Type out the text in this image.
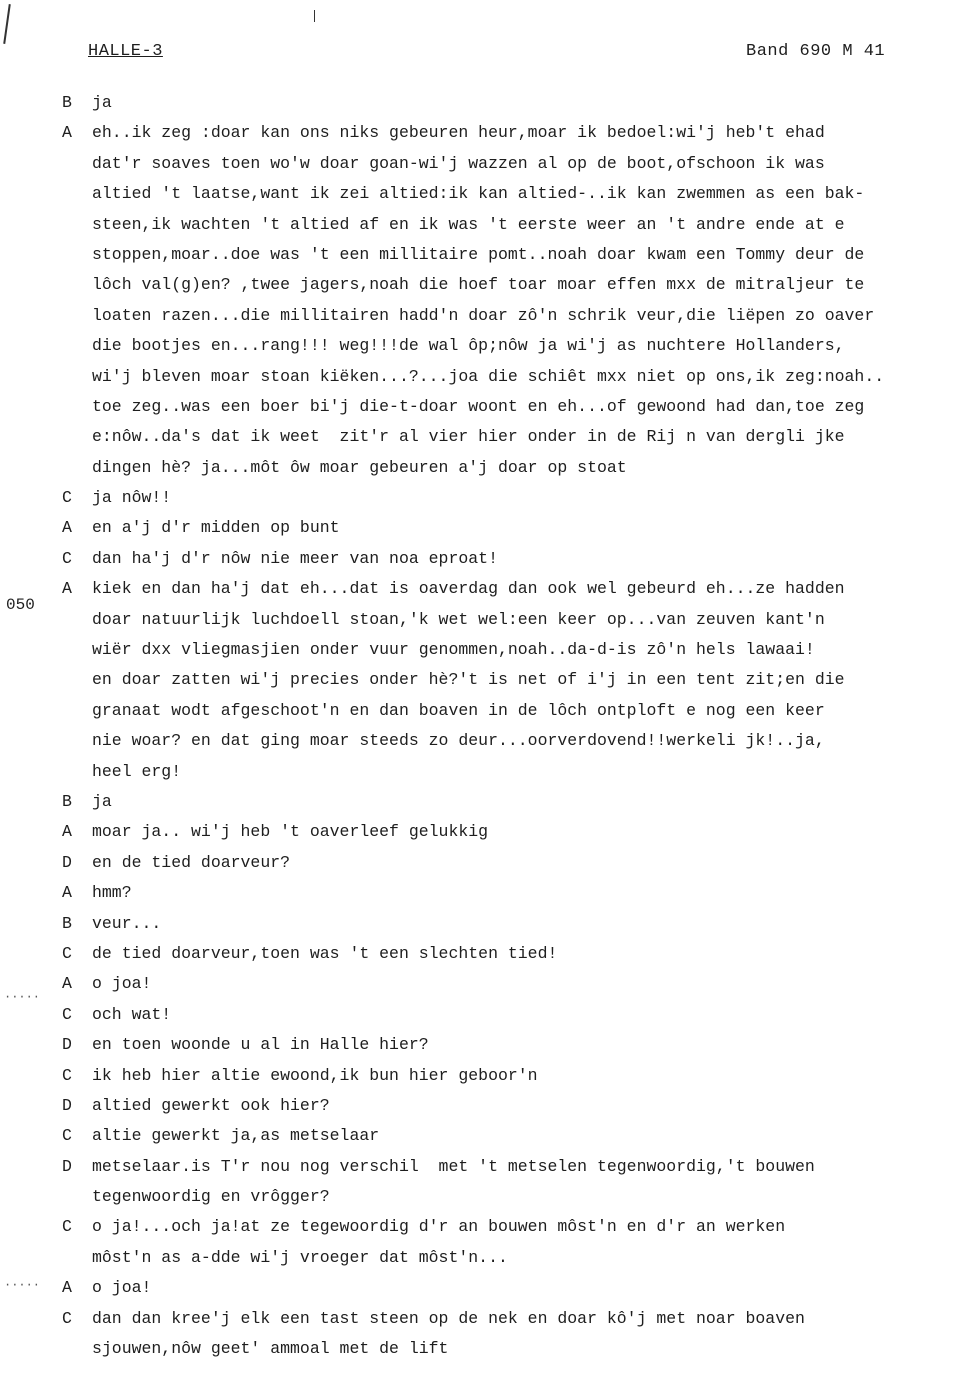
HALLE-3	Band 690 M 41
050
B	ja
A	eh..ik zeg :doar kan ons niks gebeuren heur,moar ik bedoel:wi'j heb't ehad
dat'r soaves toen wo'w doar goan-wi'j wazzen al op de boot,ofschoon ik was
altied 't laatse,want ik zei altied:ik kan altied-..ik kan zwemmen as een bak-
steen,ik wachten 't altied af en ik was 't eerste weer an 't andre ende at e
stoppen,moar..doe was 't een millitaire pomt..noah doar kwam een Tommy deur de
lôch val(g)en? ,twee jagers,noah die hoef toar moar effen mxx de mitraljeur te
loaten razen...die millitairen hadd'n doar zô'n schrik veur,die liëpen zo oaver
die bootjes en...rang!!! weg!!!de wal ôp;nôw ja wi'j as nuchtere Hollanders,
wi'j bleven moar stoan kiëken...?...joa die schiêt mxx niet op ons,ik zeg:noah..
toe zeg..was een boer bi'j die-t-doar woont en eh...of gewoond had dan,toe zeg
e:nôw..da's dat ik weet  zit'r al vier hier onder in de Rij n van dergli jke
dingen hè? ja...môt ôw moar gebeuren a'j doar op stoat
C	ja nôw!!
A	en a'j d'r midden op bunt
C	dan ha'j d'r nôw nie meer van noa eproat!
A	kiek en dan ha'j dat eh...dat is oaverdag dan ook wel gebeurd eh...ze hadden
doar natuurlijk luchdoell stoan,'k wet wel:een keer op...van zeuven kant'n
wiër dxx vliegmasjien onder vuur genommen,noah..da-d-is zô'n hels lawaai!
en doar zatten wi'j precies onder hè?'t is net of i'j in een tent zit;en die
granaat wodt afgeschoot'n en dan boaven in de lôch ontploft e nog een keer
nie woar? en dat ging moar steeds zo deur...oorverdovend!!werkeli jk!..ja,
heel erg!
B	ja
A	moar ja.. wi'j heb 't oaverleef gelukkig
D	en de tied doarveur?
A	hmm?
B	veur...
C	de tied doarveur,toen was 't een slechten tied!
A	o joa!
C	och wat!
D	en toen woonde u al in Halle hier?
C	ik heb hier altie ewoond,ik bun hier geboor'n
D	altied gewerkt ook hier?
C	altie gewerkt ja,as metselaar
D	metselaar.is T'r nou nog verschil  met 't metselen tegenwoordig,'t bouwen
tegenwoordig en vrôgger?
C	o ja!...och ja!at ze tegewoordig d'r an bouwen môst'n en d'r an werken
môst'n as a-dde wi'j vroeger dat môst'n...
A	o joa!
C	dan dan kree'j elk een tast steen op de nek en doar kô'j met noar boaven
sjouwen,nôw geet' ammoal met de lift
·····
·····
